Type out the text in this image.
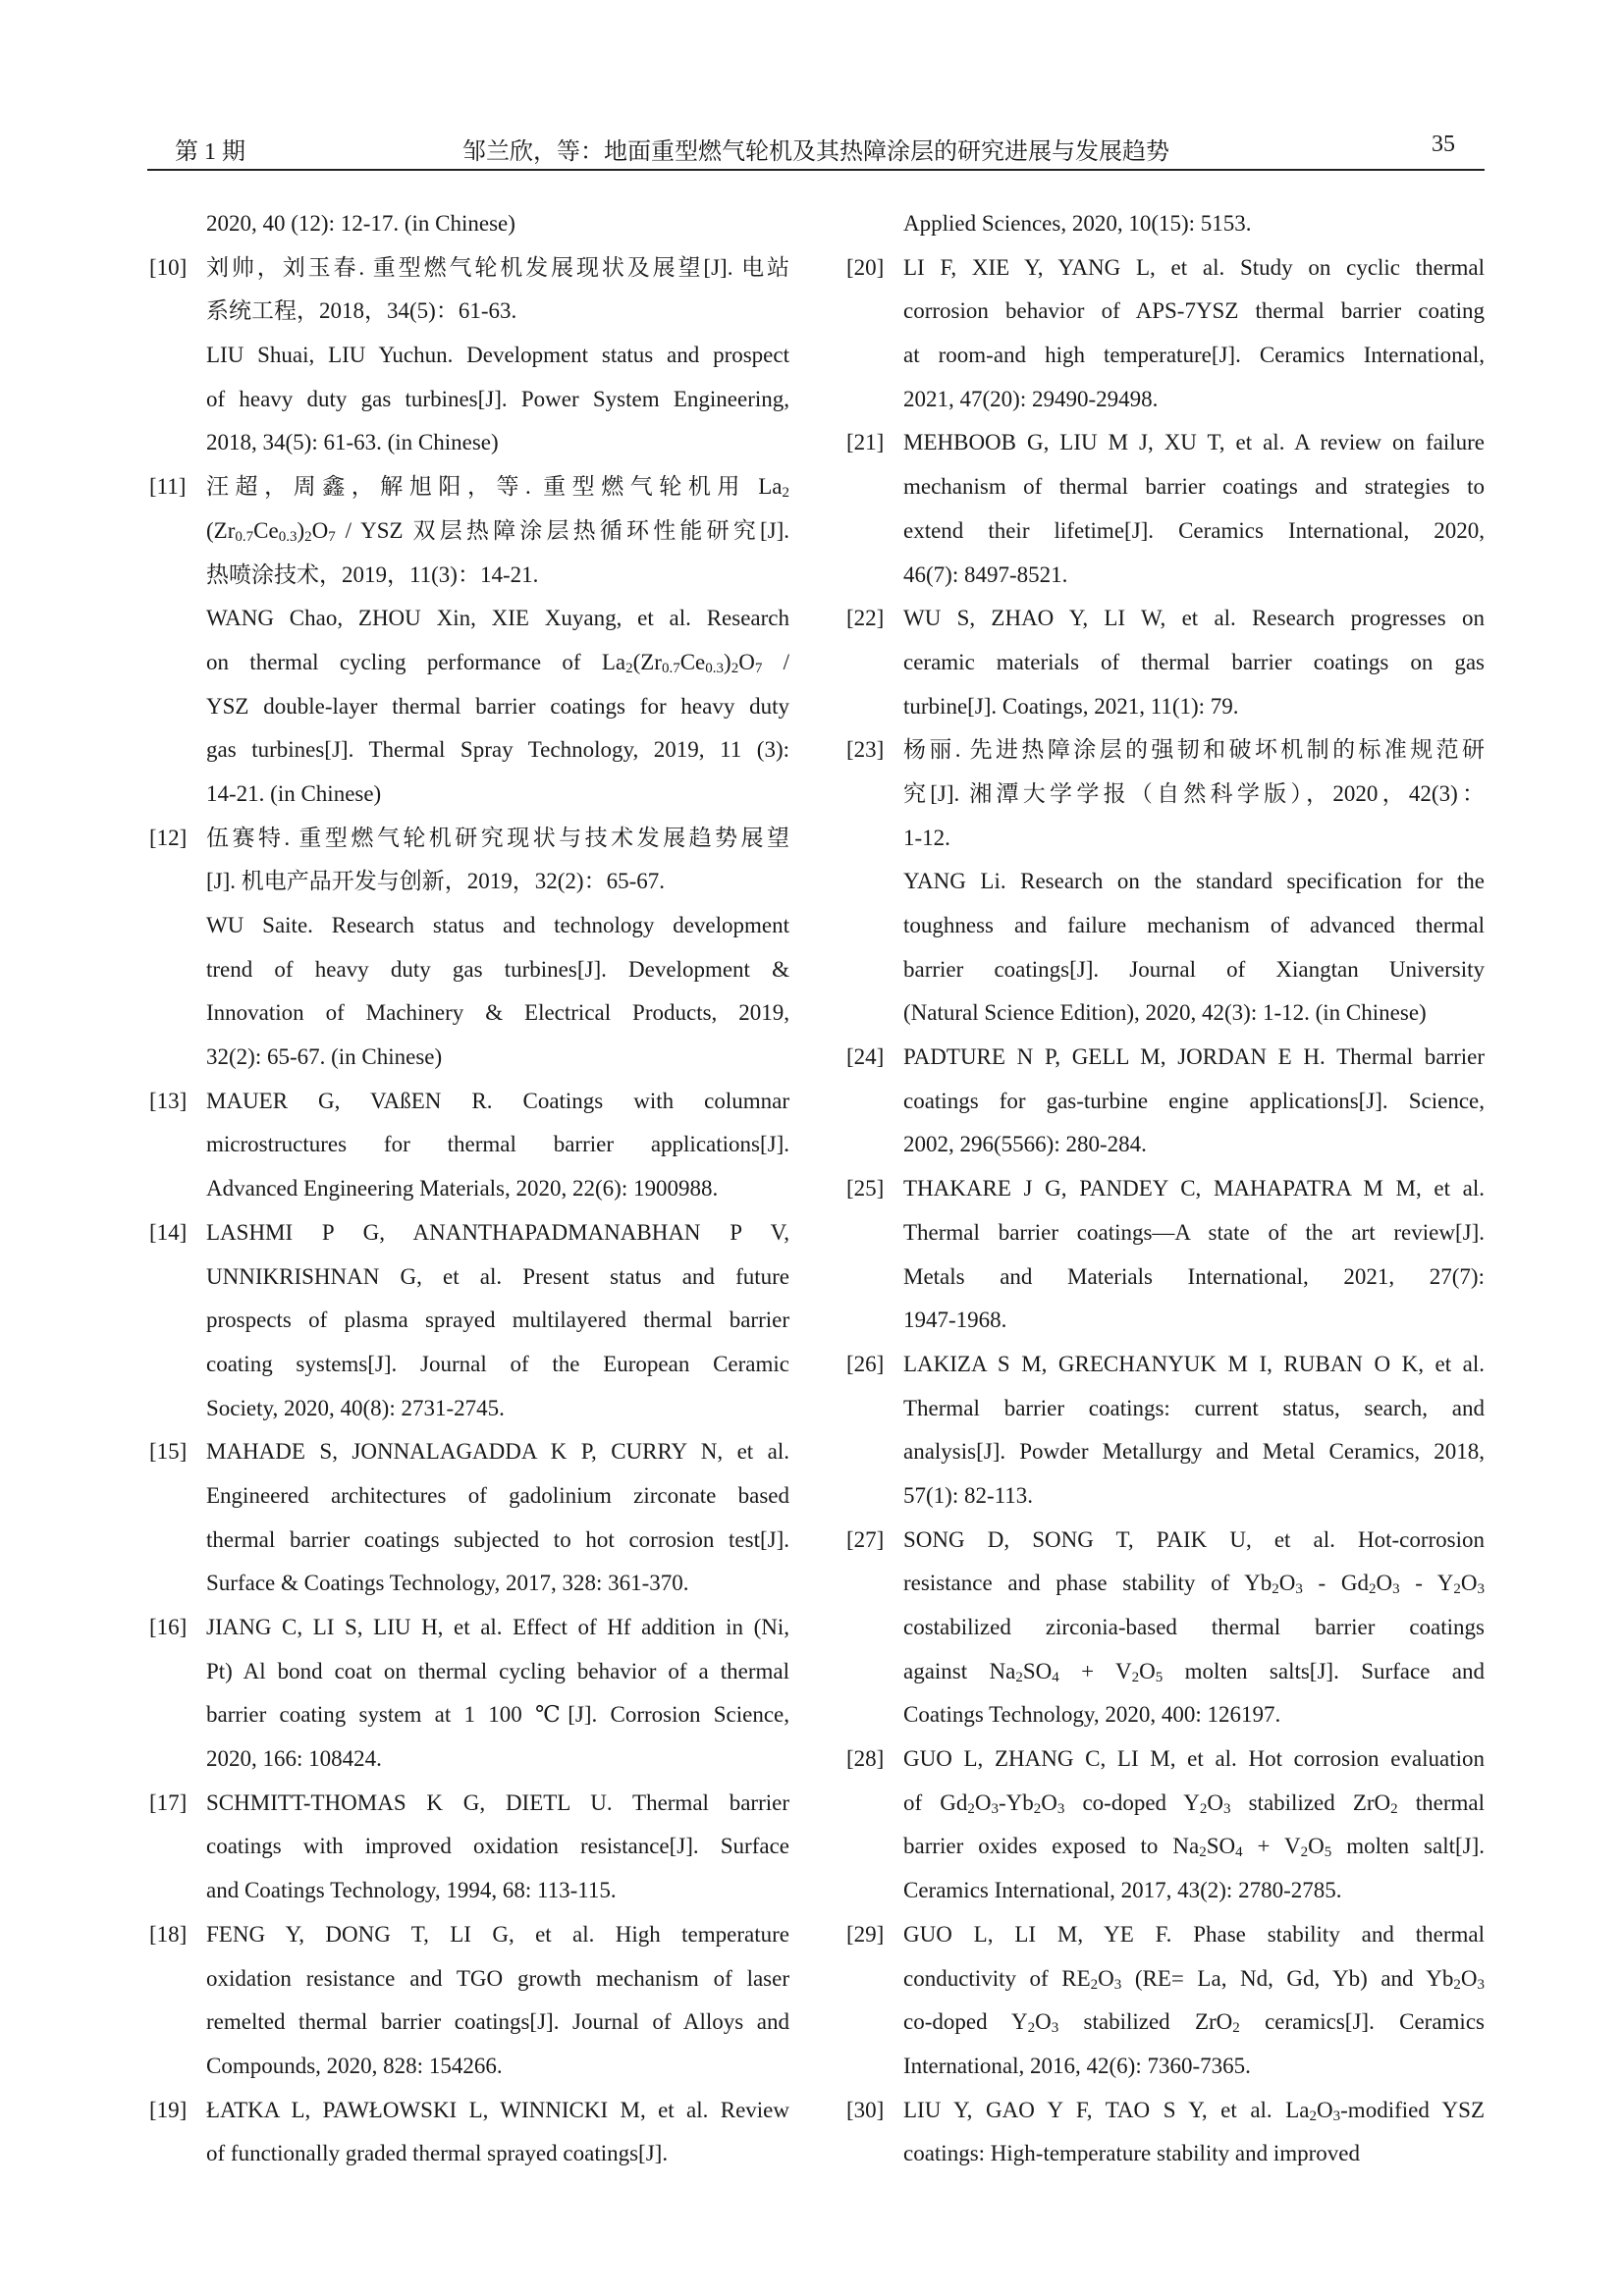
第 1 期	邹兰欣，等：地面重型燃气轮机及其热障涂层的研究进展与发展趋势	35
2020, 40 (12): 12-17. (in Chinese)
[10] 刘帅，刘玉春. 重型燃气轮机发展现状及展望[J]. 电站
系统工程，2018，34(5)：61-63.
LIU Shuai, LIU Yuchun. Development status and prospect
of heavy duty gas turbines[J]. Power System Engineering,
2018, 34(5): 61-63. (in Chinese)
[11] 汪超，周鑫，解旭阳，等. 重型燃气轮机用 $La_2$
$(Zr_{0.7}Ce_{0.3})_2O_7$ / YSZ 双层热障涂层热循环性能研究[J].
热喷涂技术，2019，11(3)：14-21.
WANG Chao, ZHOU Xin, XIE Xuyang, et al. Research
on thermal cycling performance of $La_2(Zr_{0.7}Ce_{0.3})_2O_7$ /
YSZ double-layer thermal barrier coatings for heavy duty
gas turbines[J]. Thermal Spray Technology, 2019, 11 (3):
14-21. (in Chinese)
[12] 伍赛特. 重型燃气轮机研究现状与技术发展趋势展望
[J]. 机电产品开发与创新，2019，32(2)：65-67.
WU Saite. Research status and technology development
trend of heavy duty gas turbines[J]. Development &
Innovation of Machinery & Electrical Products, 2019,
32(2): 65-67. (in Chinese)
[13] MAUER G, VAßEN R. Coatings with columnar
microstructures for thermal barrier applications[J].
Advanced Engineering Materials, 2020, 22(6): 1900988.
[14] LASHMI P G, ANANTHAPADMANABHAN P V,
UNNIKRISHNAN G, et al. Present status and future
prospects of plasma sprayed multilayered thermal barrier
coating systems[J]. Journal of the European Ceramic
Society, 2020, 40(8): 2731-2745.
[15] MAHADE S, JONNALAGADDA K P, CURRY N, et al.
Engineered architectures of gadolinium zirconate based
thermal barrier coatings subjected to hot corrosion test[J].
Surface & Coatings Technology, 2017, 328: 361-370.
[16] JIANG C, LI S, LIU H, et al. Effect of Hf addition in (Ni,
Pt) Al bond coat on thermal cycling behavior of a thermal
barrier coating system at 1 100 ℃[J]. Corrosion Science,
2020, 166: 108424.
[17] SCHMITT-THOMAS K G, DIETL U. Thermal barrier
coatings with improved oxidation resistance[J]. Surface
and Coatings Technology, 1994, 68: 113-115.
[18] FENG Y, DONG T, LI G, et al. High temperature
oxidation resistance and TGO growth mechanism of laser
remelted thermal barrier coatings[J]. Journal of Alloys and
Compounds, 2020, 828: 154266.
[19] ŁATKA L, PAWŁOWSKI L, WINNICKI M, et al. Review
of functionally graded thermal sprayed coatings[J].
Applied Sciences, 2020, 10(15): 5153.
[20] LI F, XIE Y, YANG L, et al. Study on cyclic thermal
corrosion behavior of APS-7YSZ thermal barrier coating
at room-and high temperature[J]. Ceramics International,
2021, 47(20): 29490-29498.
[21] MEHBOOB G, LIU M J, XU T, et al. A review on failure
mechanism of thermal barrier coatings and strategies to
extend their lifetime[J]. Ceramics International, 2020,
46(7): 8497-8521.
[22] WU S, ZHAO Y, LI W, et al. Research progresses on
ceramic materials of thermal barrier coatings on gas
turbine[J]. Coatings, 2021, 11(1): 79.
[23] 杨丽. 先进热障涂层的强韧和破坏机制的标准规范研
究[J]. 湘潭大学学报（自然科学版），2020，42(3)：
1-12.
YANG Li. Research on the standard specification for the
toughness and failure mechanism of advanced thermal
barrier coatings[J]. Journal of Xiangtan University
(Natural Science Edition), 2020, 42(3): 1-12. (in Chinese)
[24] PADTURE N P, GELL M, JORDAN E H. Thermal barrier
coatings for gas-turbine engine applications[J]. Science,
2002, 296(5566): 280-284.
[25] THAKARE J G, PANDEY C, MAHAPATRA M M, et al.
Thermal barrier coatings—A state of the art review[J].
Metals and Materials International, 2021, 27(7):
1947-1968.
[26] LAKIZA S M, GRECHANYUK M I, RUBAN O K, et al.
Thermal barrier coatings: current status, search, and
analysis[J]. Powder Metallurgy and Metal Ceramics, 2018,
57(1): 82-113.
[27] SONG D, SONG T, PAIK U, et al. Hot-corrosion
resistance and phase stability of $Yb_2O_3 - Gd_2O_3 - Y_2O_3$
costabilized zirconia-based thermal barrier coatings
against $Na_2SO_4 + V_2O_5$ molten salts[J]. Surface and
Coatings Technology, 2020, 400: 126197.
[28] GUO L, ZHANG C, LI M, et al. Hot corrosion evaluation
of $Gd_2O_3-Yb_2O_3$ co-doped $Y_2O_3$ stabilized ZrO$_2$ thermal
barrier oxides exposed to $Na_2SO_4 + V_2O_5$ molten salt[J].
Ceramics International, 2017, 43(2): 2780-2785.
[29] GUO L, LI M, YE F. Phase stability and thermal
conductivity of $RE_2O_3$ (RE= La, Nd, Gd, Yb) and $Yb_2O_3$
co-doped $Y_2O_3$ stabilized ZrO$_2$ ceramics[J]. Ceramics
International, 2016, 42(6): 7360-7365.
[30] LIU Y, GAO Y F, TAO S Y, et al. $La_2O_3$-modified YSZ
coatings: High-temperature stability and improved
